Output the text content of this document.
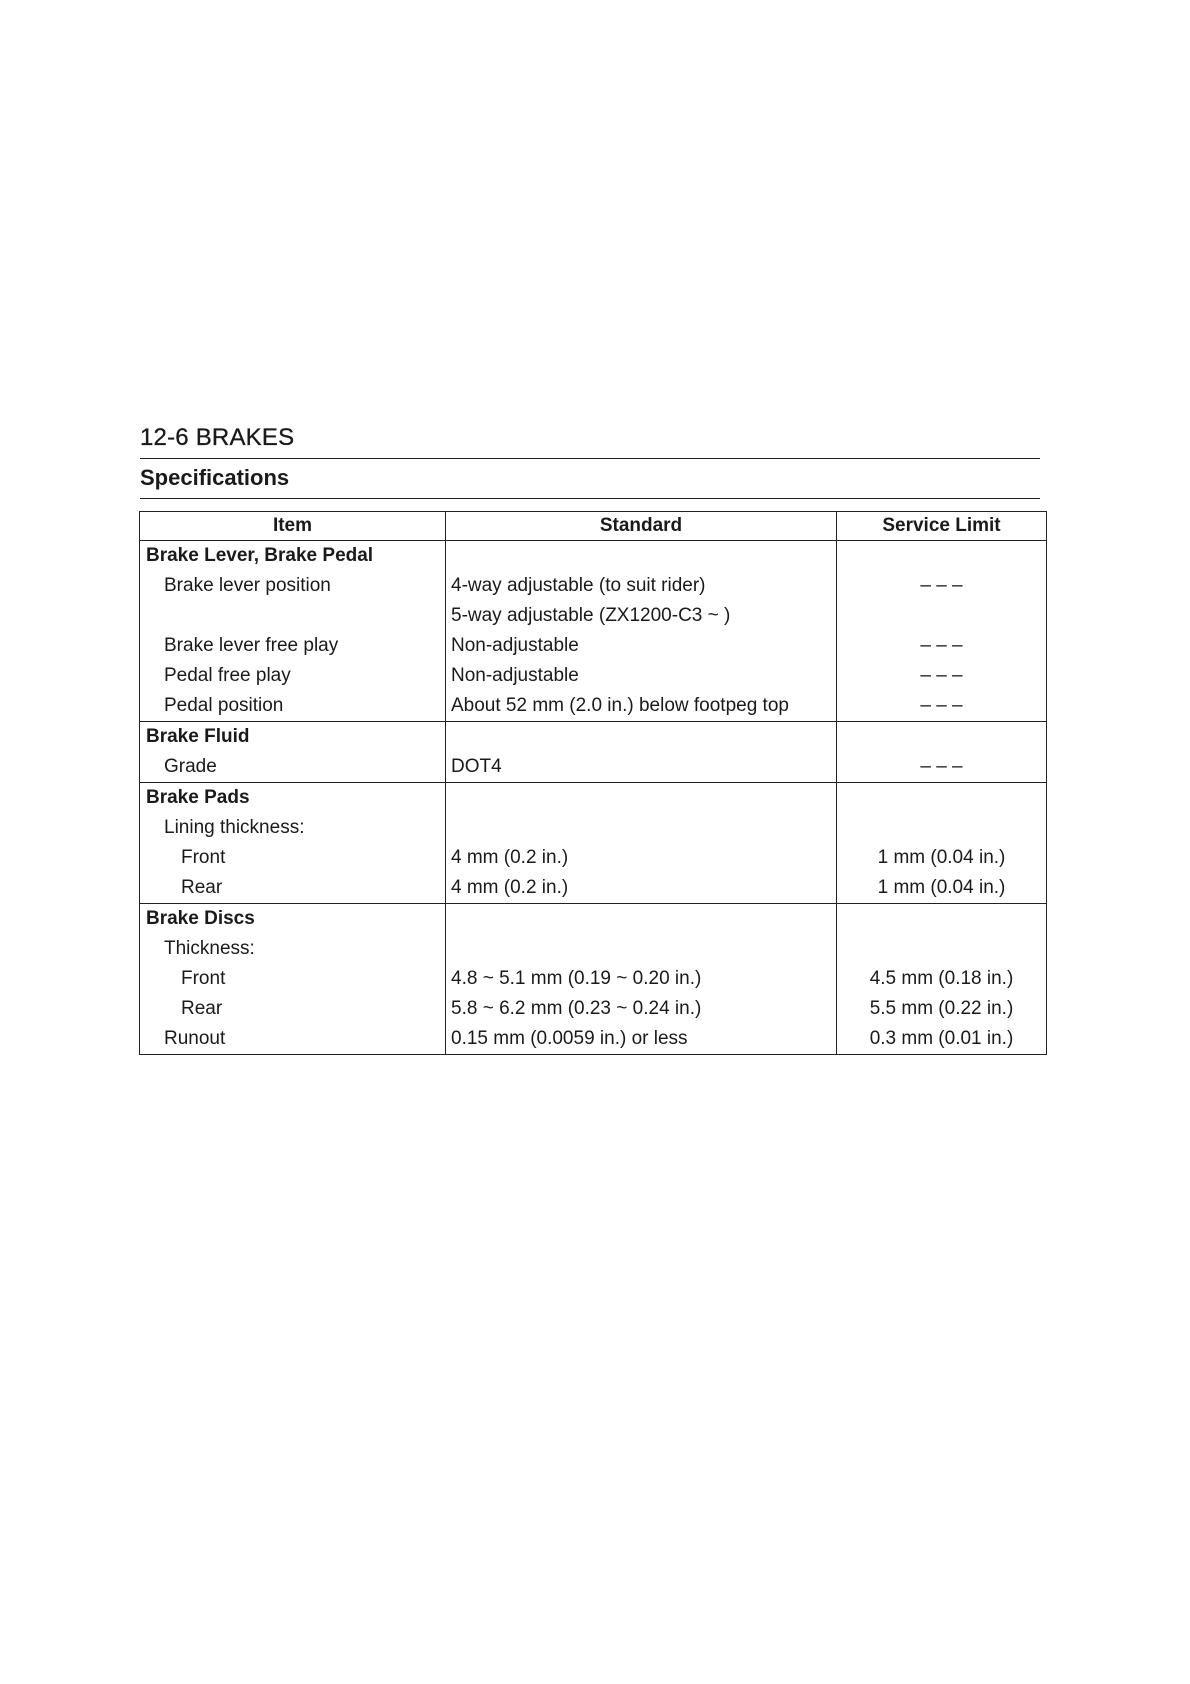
12-6 BRAKES
Specifications
Item	Standard	Service Limit
Brake Lever, Brake Pedal		
Brake lever position	4-way adjustable (to suit rider)	– – –
	5-way adjustable (ZX1200-C3 ~ )	
Brake lever free play	Non-adjustable	– – –
Pedal free play	Non-adjustable	– – –
Pedal position	About 52 mm (2.0 in.) below footpeg top	– – –
Brake Fluid		
Grade	DOT4	– – –
Brake Pads		
Lining thickness:		
Front	4 mm (0.2 in.)	1 mm (0.04 in.)
Rear	4 mm (0.2 in.)	1 mm (0.04 in.)
Brake Discs		
Thickness:		
Front	4.8 ~ 5.1 mm (0.19 ~ 0.20 in.)	4.5 mm (0.18 in.)
Rear	5.8 ~ 6.2 mm (0.23 ~ 0.24 in.)	5.5 mm (0.22 in.)
Runout	0.15 mm (0.0059 in.) or less	0.3 mm (0.01 in.)
